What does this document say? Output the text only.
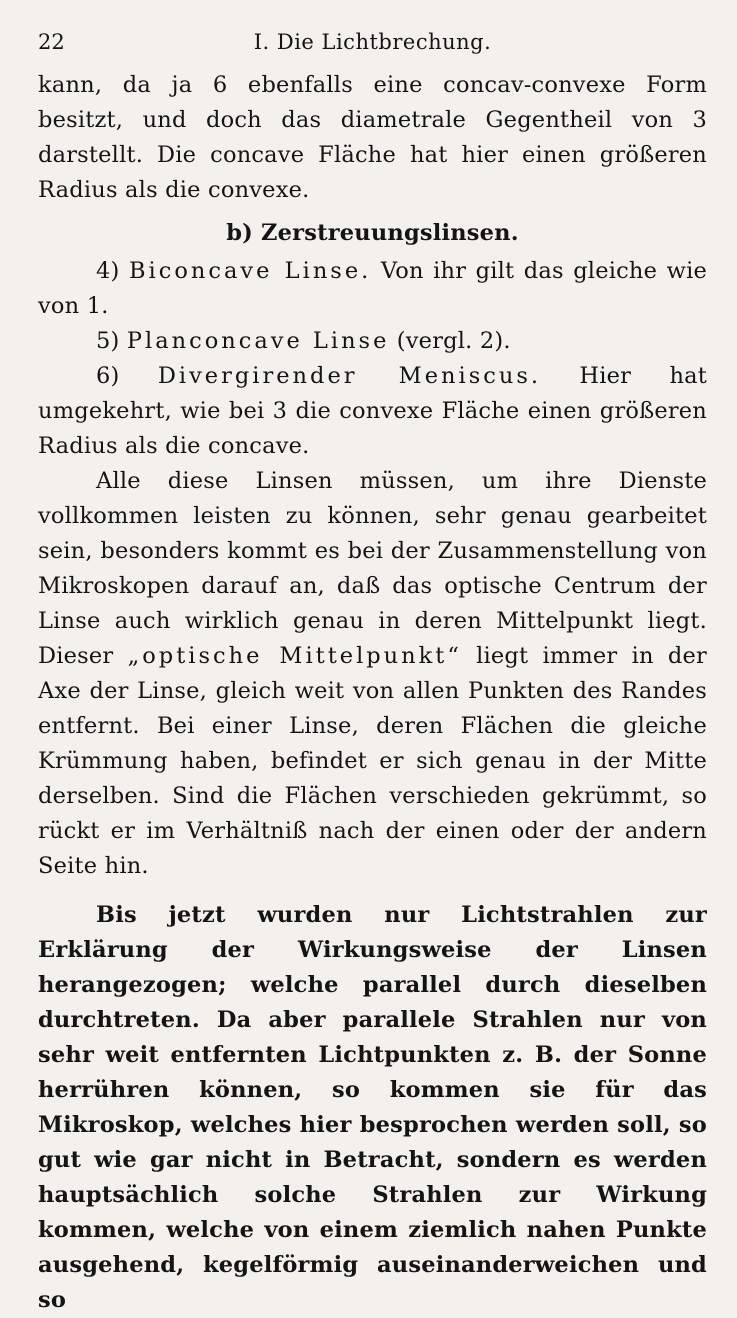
22	I. Die Lichtbrechung.

kann, da ja 6 ebenfalls eine concav-convexe Form besitzt, und doch das diametrale Gegentheil von 3 darstellt. Die concave Fläche hat hier einen größeren Radius als die convexe.

b) Zerstreuungslinsen.

4) Biconcave Linse. Von ihr gilt das gleiche wie von 1.

5) Planconcave Linse (vergl. 2).

6) Divergirender Meniscus. Hier hat umgekehrt, wie bei 3 die convexe Fläche einen größeren Radius als die concave.

Alle diese Linsen müssen, um ihre Dienste vollkommen leisten zu können, sehr genau gearbeitet sein, besonders kommt es bei der Zusammenstellung von Mikroskopen darauf an, daß das optische Centrum der Linse auch wirklich genau in deren Mittelpunkt liegt. Dieser „optische Mittelpunkt“ liegt immer in der Axe der Linse, gleich weit von allen Punkten des Randes entfernt. Bei einer Linse, deren Flächen die gleiche Krümmung haben, befindet er sich genau in der Mitte derselben. Sind die Flächen verschieden gekrümmt, so rückt er im Verhältniß nach der einen oder der andern Seite hin.

Bis jetzt wurden nur Lichtstrahlen zur Erklärung der Wirkungsweise der Linsen herangezogen; welche parallel durch dieselben durchtreten. Da aber parallele Strahlen nur von sehr weit entfernten Lichtpunkten z. B. der Sonne herrühren können, so kommen sie für das Mikroskop, welches hier besprochen werden soll, so gut wie gar nicht in Betracht, sondern es werden hauptsächlich solche Strahlen zur Wirkung kommen, welche von einem ziemlich nahen Punkte ausgehend, kegelförmig auseinanderweichen und so
